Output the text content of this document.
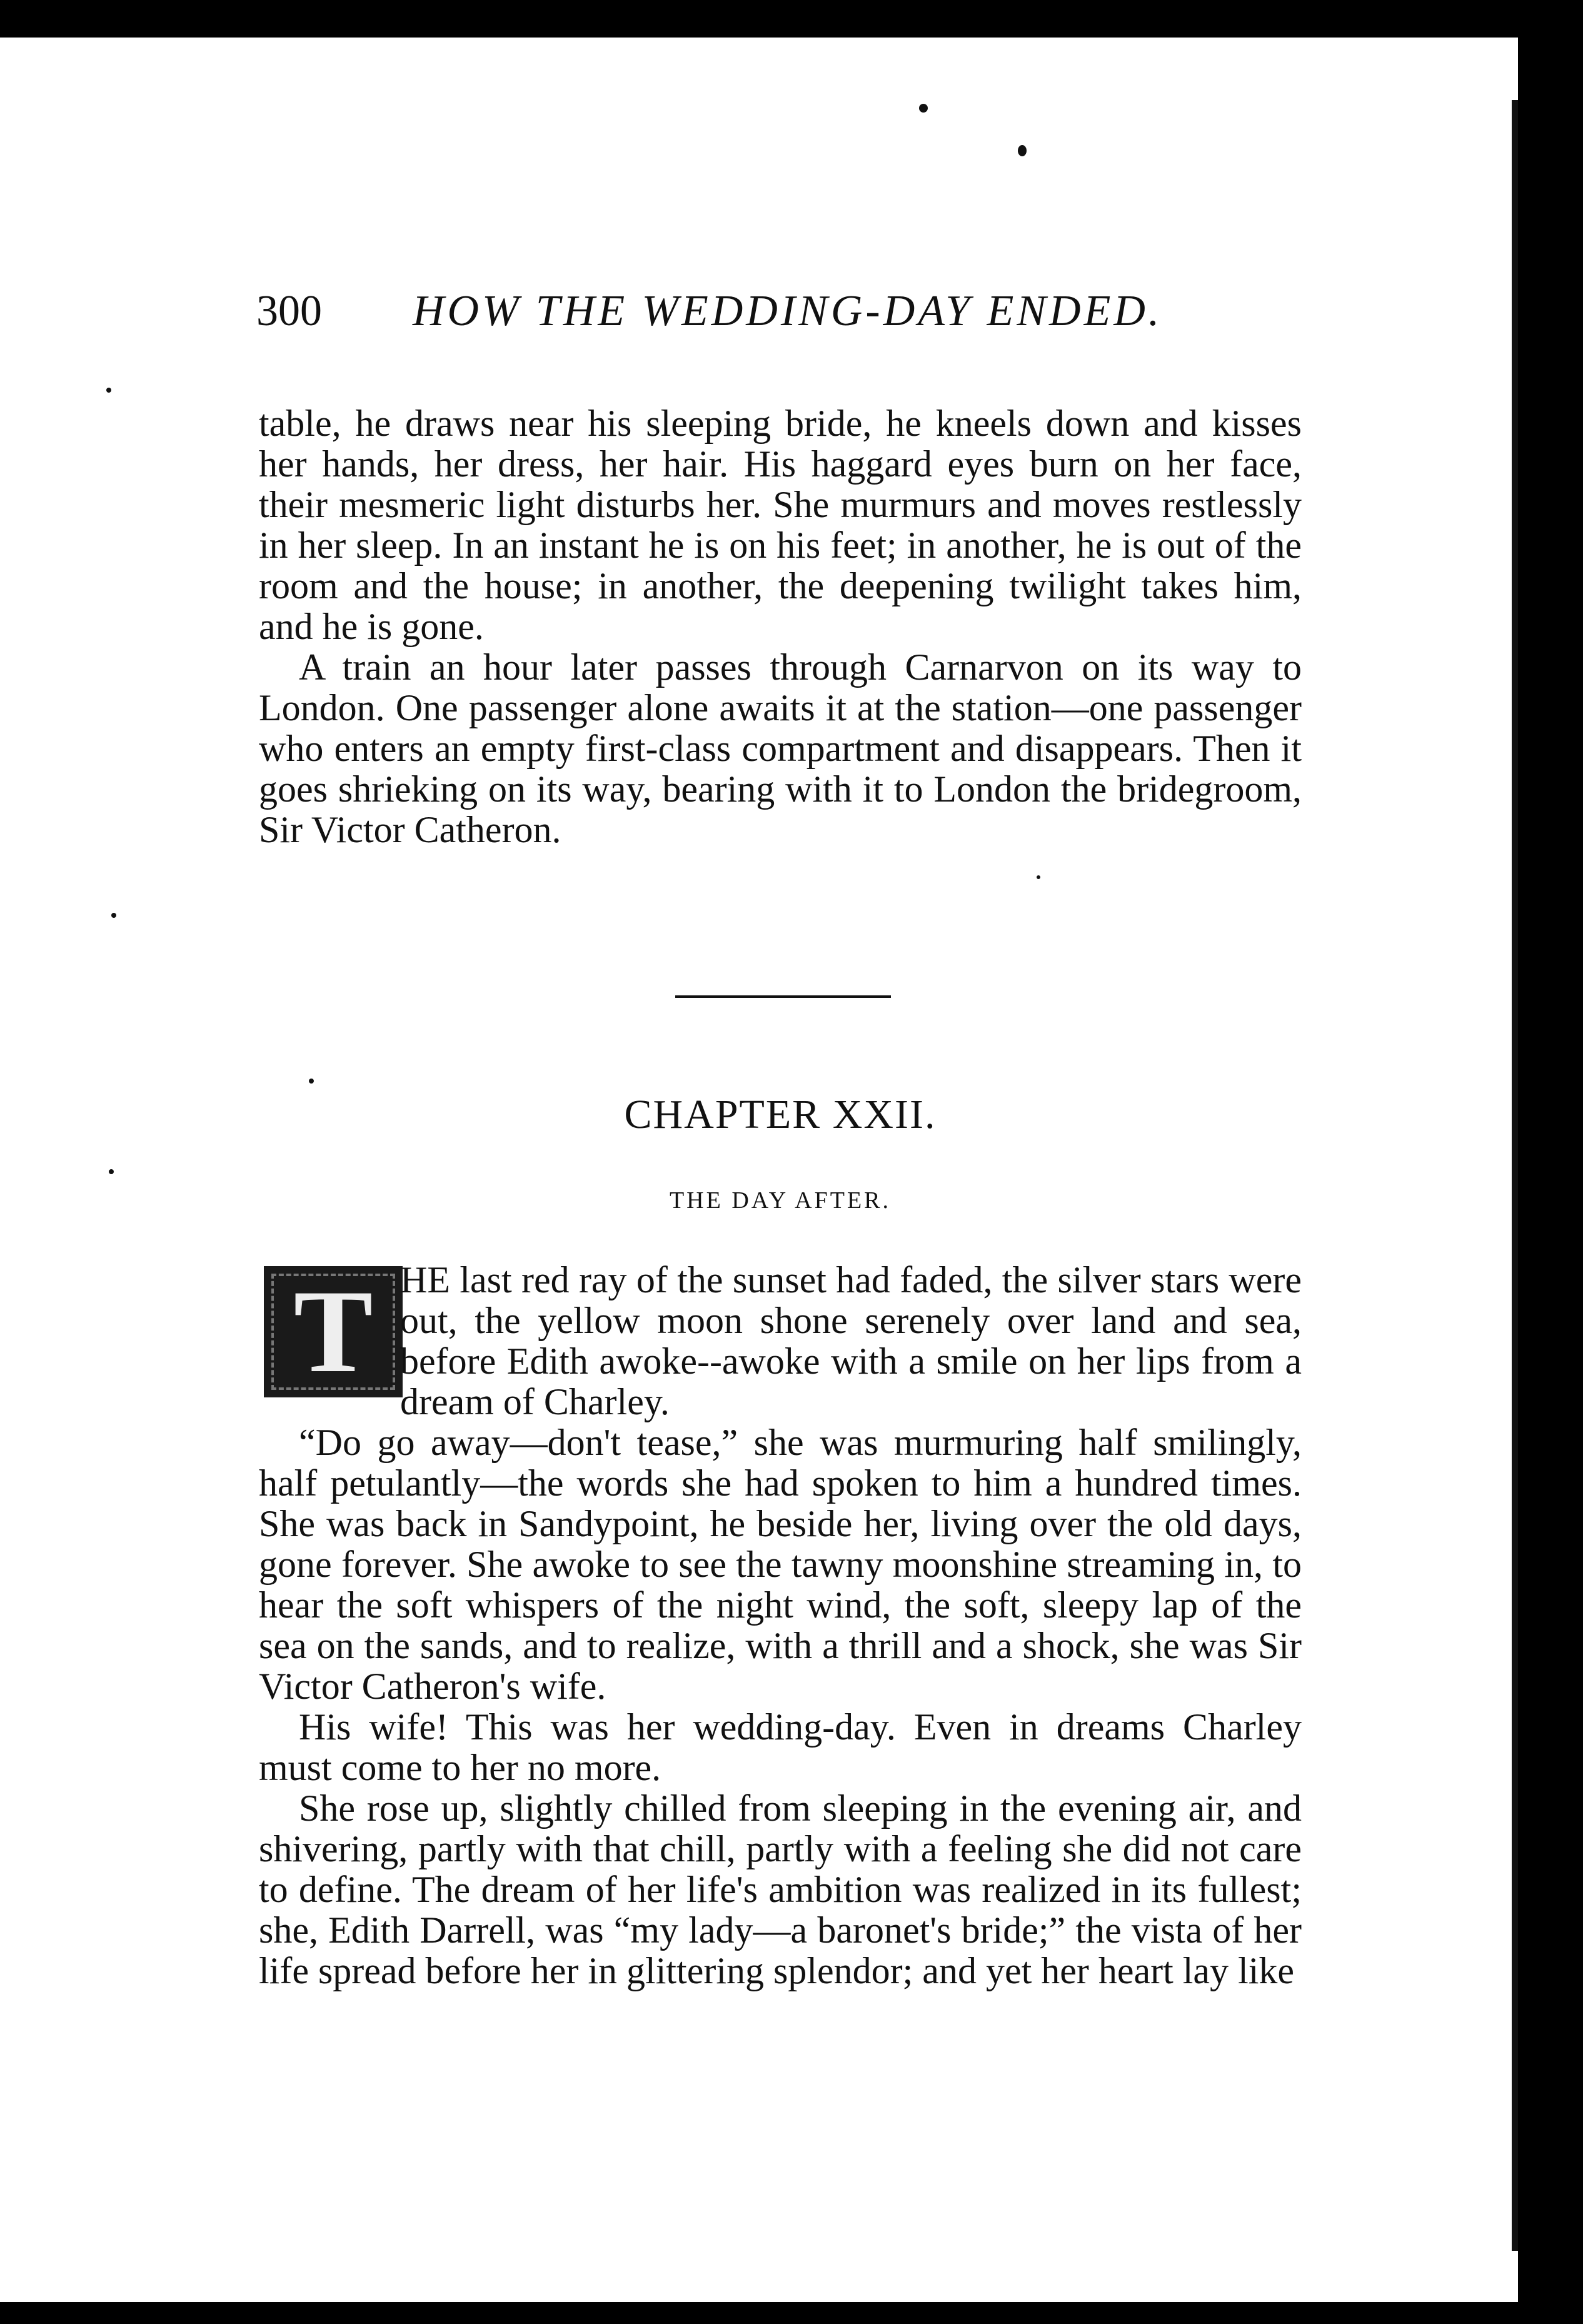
300 HOW THE WEDDING-DAY ENDED.

table, he draws near his sleeping bride, he kneels down and kisses her hands, her dress, her hair. His haggard eyes burn on her face, their mesmeric light disturbs her. She murmurs and moves restlessly in her sleep. In an instant he is on his feet; in another, he is out of the room and the house; in another, the deepening twilight takes him, and he is gone.

A train an hour later passes through Carnarvon on its way to London. One passenger alone awaits it at the station—one passenger who enters an empty first-class compartment and disappears. Then it goes shrieking on its way, bearing with it to London the bridegroom, Sir Victor Catheron.

CHAPTER XXII.
THE DAY AFTER.
T HE last red ray of the sunset had faded, the silver stars were out, the yellow moon shone serenely over land and sea, before Edith awoke--awoke with a smile on her lips from a dream of Charley.

“Do go away—don't tease,” she was murmuring half smilingly, half petulantly—the words she had spoken to him a hundred times. She was back in Sandypoint, he beside her, living over the old days, gone forever. She awoke to see the tawny moonshine streaming in, to hear the soft whispers of the night wind, the soft, sleepy lap of the sea on the sands, and to realize, with a thrill and a shock, she was Sir Victor Catheron's wife.

His wife! This was her wedding-day. Even in dreams Charley must come to her no more.

She rose up, slightly chilled from sleeping in the evening air, and shivering, partly with that chill, partly with a feeling she did not care to define. The dream of her life's ambition was realized in its fullest; she, Edith Darrell, was “my lady—a baronet's bride;” the vista of her life spread before her in glittering splendor; and yet her heart lay like
